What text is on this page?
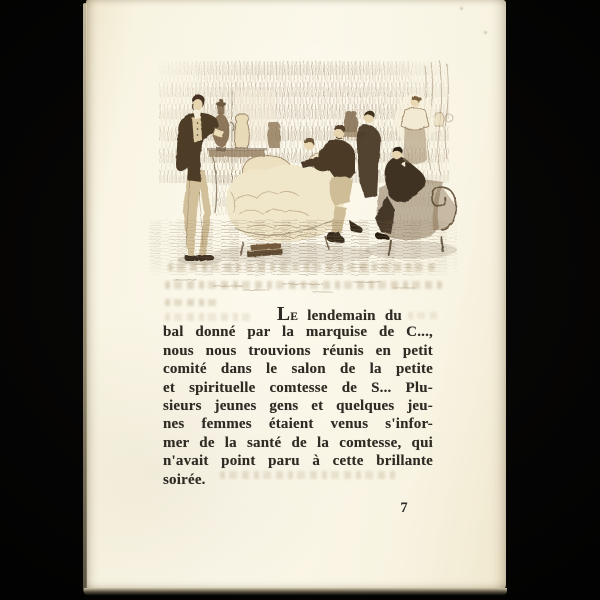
LE lendemain du
bal donné par la marquise de C...,
nous nous trouvions réunis en petit
comité dans le salon de la petite
et spirituelle comtesse de S... Plu-
sieurs jeunes gens et quelques jeu-
nes femmes étaient venus s'infor-
mer de la santé de la comtesse, qui
n'avait point paru à cette brillante
soirée.
7
